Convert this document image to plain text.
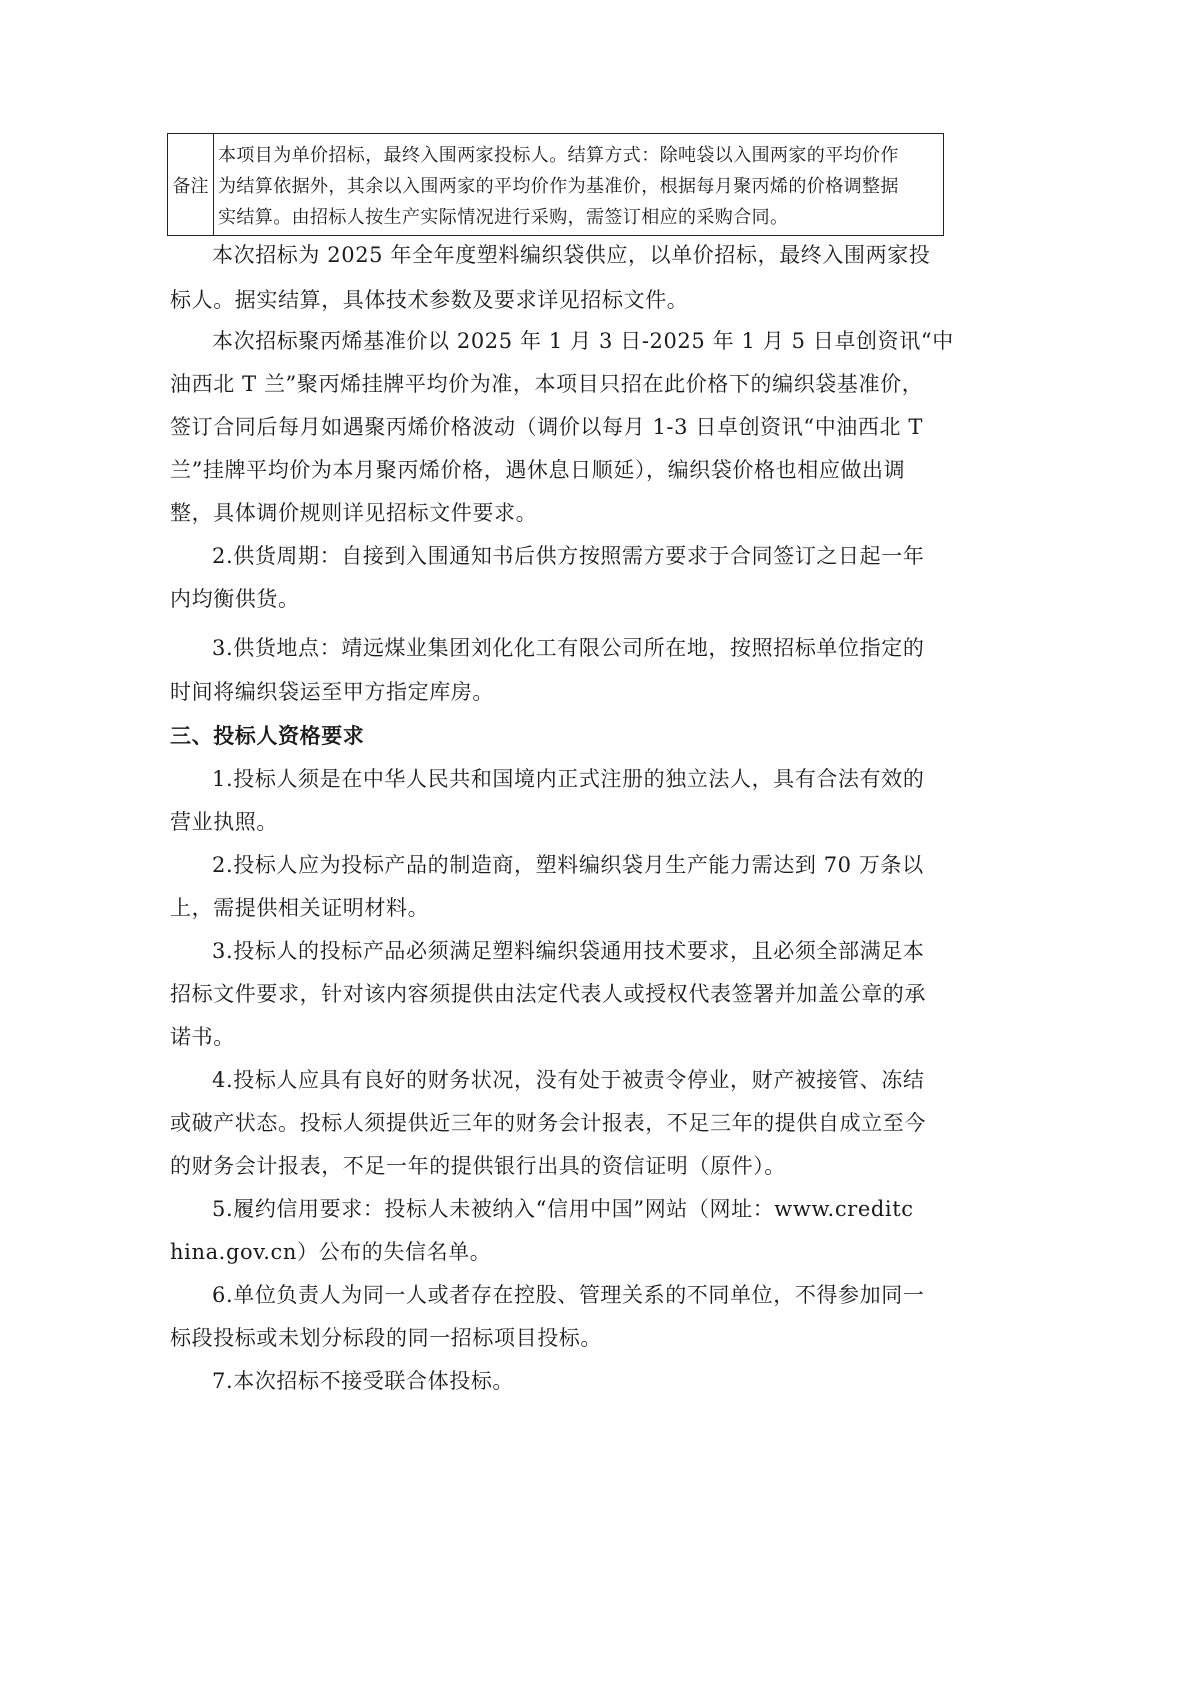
备注
本项目为单价招标，最终入围两家投标人。结算方式：除吨袋以入围两家的平均价作
为结算依据外，其余以入围两家的平均价作为基准价，根据每月聚丙烯的价格调整据
实结算。由招标人按生产实际情况进行采购，需签订相应的采购合同。
本次招标为 2025 年全年度塑料编织袋供应，以单价招标，最终入围两家投
标人。据实结算，具体技术参数及要求详见招标文件。
本次招标聚丙烯基准价以 2025 年 1 月 3 日-2025 年 1 月 5 日卓创资讯“中
油西北 T 兰”聚丙烯挂牌平均价为准，本项目只招在此价格下的编织袋基准价，
签订合同后每月如遇聚丙烯价格波动（调价以每月 1-3 日卓创资讯“中油西北 T
兰”挂牌平均价为本月聚丙烯价格，遇休息日顺延），编织袋价格也相应做出调
整，具体调价规则详见招标文件要求。
2.供货周期：自接到入围通知书后供方按照需方要求于合同签订之日起一年
内均衡供货。
3.供货地点：靖远煤业集团刘化化工有限公司所在地，按照招标单位指定的
时间将编织袋运至甲方指定库房。
三、投标人资格要求
1.投标人须是在中华人民共和国境内正式注册的独立法人，具有合法有效的
营业执照。
2.投标人应为投标产品的制造商，塑料编织袋月生产能力需达到 70 万条以
上，需提供相关证明材料。
3.投标人的投标产品必须满足塑料编织袋通用技术要求，且必须全部满足本
招标文件要求，针对该内容须提供由法定代表人或授权代表签署并加盖公章的承
诺书。
4.投标人应具有良好的财务状况，没有处于被责令停业，财产被接管、冻结
或破产状态。投标人须提供近三年的财务会计报表，不足三年的提供自成立至今
的财务会计报表，不足一年的提供银行出具的资信证明（原件）。
5.履约信用要求：投标人未被纳入“信用中国”网站（网址：www.creditc
hina.gov.cn）公布的失信名单。
6.单位负责人为同一人或者存在控股、管理关系的不同单位，不得参加同一
标段投标或未划分标段的同一招标项目投标。
7.本次招标不接受联合体投标。
